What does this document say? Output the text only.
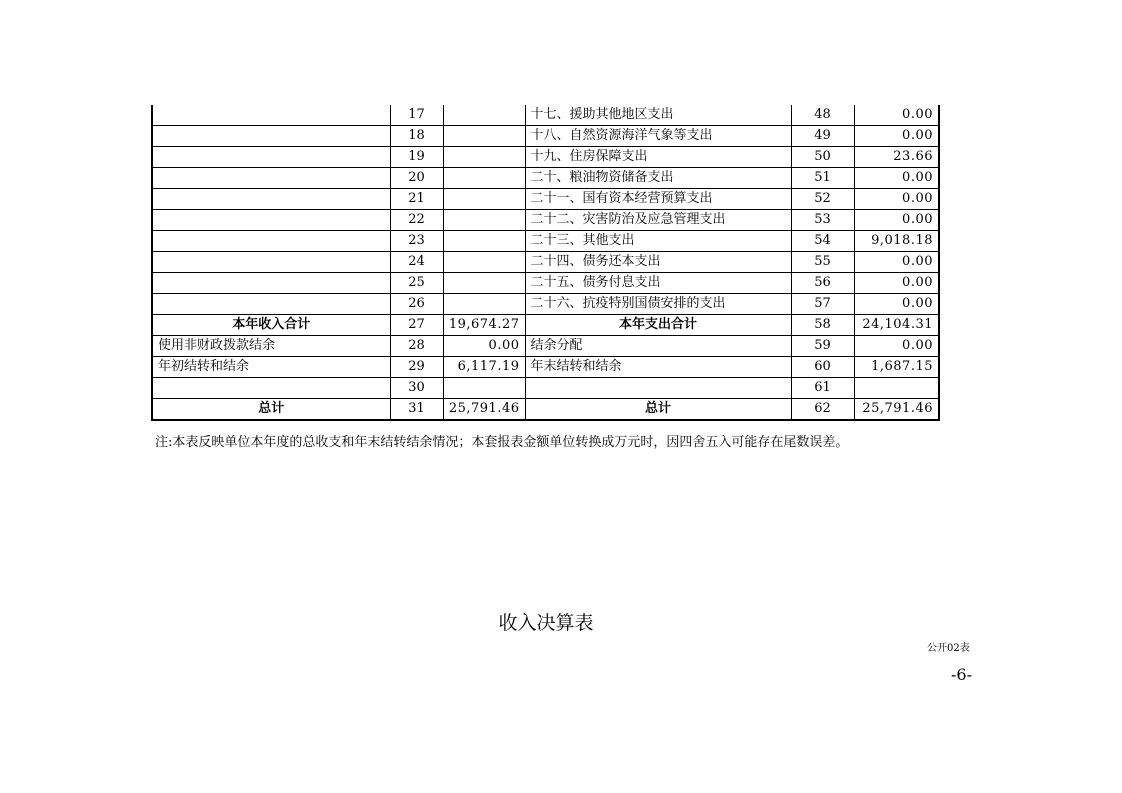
	17		十七、援助其他地区支出	48	0.00
	18		十八、自然资源海洋气象等支出	49	0.00
	19		十九、住房保障支出	50	23.66
	20		二十、粮油物资储备支出	51	0.00
	21		二十一、国有资本经营预算支出	52	0.00
	22		二十二、灾害防治及应急管理支出	53	0.00
	23		二十三、其他支出	54	9,018.18
	24		二十四、债务还本支出	55	0.00
	25		二十五、债务付息支出	56	0.00
	26		二十六、抗疫特别国债安排的支出	57	0.00
本年收入合计	27	19,674.27	本年支出合计	58	24,104.31
使用非财政拨款结余	28	0.00	结余分配	59	0.00
年初结转和结余	29	6,117.19	年末结转和结余	60	1,687.15
	30			61	
总计	31	25,791.46	总计	62	25,791.46
注:本表反映单位本年度的总收支和年末结转结余情况；本套报表金额单位转换成万元时，因四舍五入可能存在尾数误差。
收入决算表
公开02表
-6-
